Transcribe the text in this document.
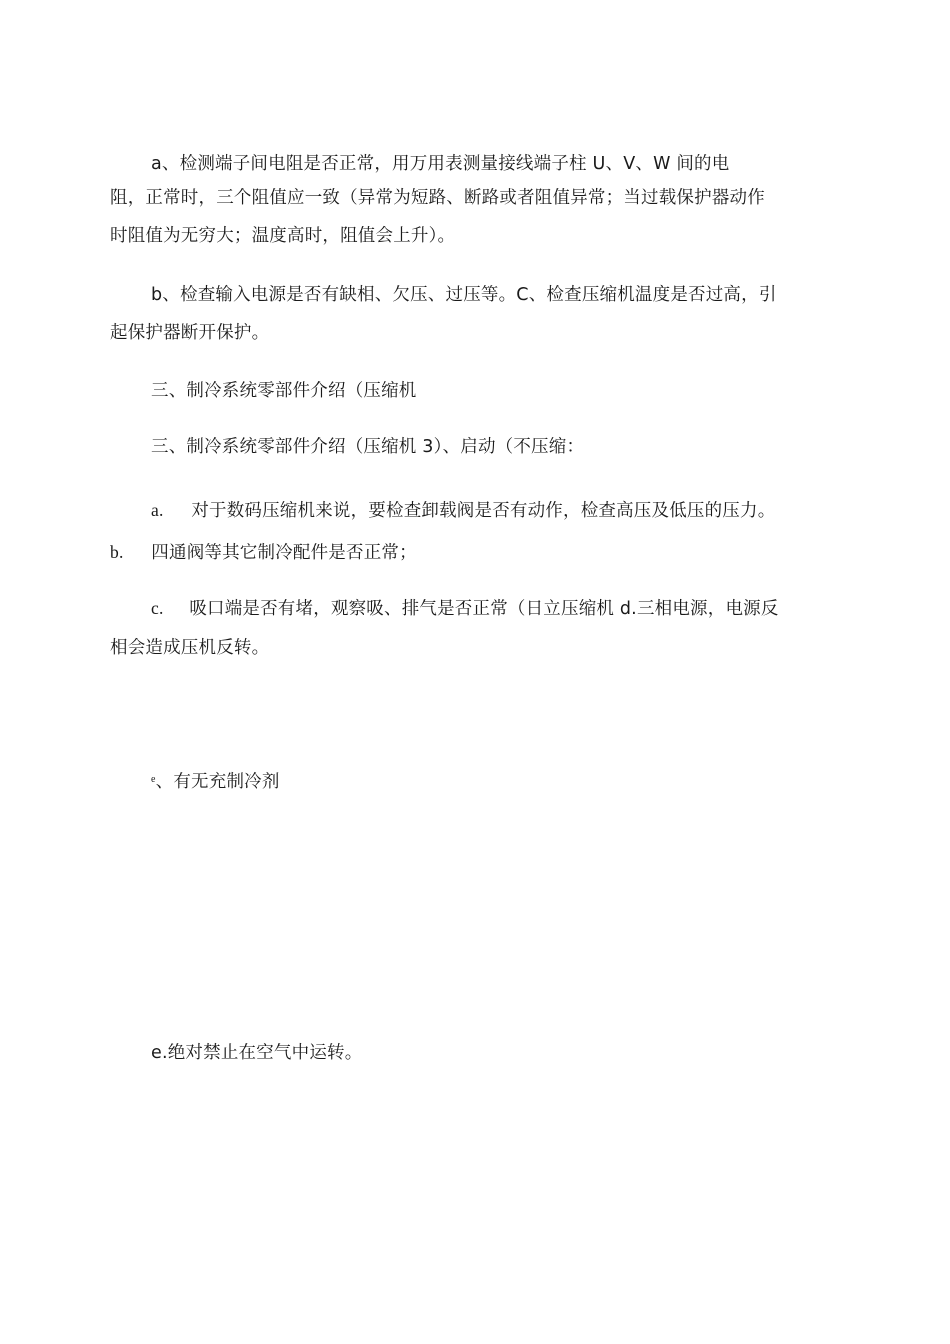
a、检测端子间电阻是否正常，用万用表测量接线端子柱 U、V、W 间的电
阻，正常时，三个阻值应一致（异常为短路、断路或者阻值异常；当过载保护器动作
时阻值为无穷大；温度高时，阻值会上升）。
b、检查输入电源是否有缺相、欠压、过压等。C、检查压缩机温度是否过高，引
起保护器断开保护。
三、制冷系统零部件介绍（压缩机
三、制冷系统零部件介绍（压缩机 3）、启动（不压缩：
a. 对于数码压缩机来说，要检查卸载阀是否有动作，检查高压及低压的压力。
b. 四通阀等其它制冷配件是否正常；
c. 吸口端是否有堵，观察吸、排气是否正常（日立压缩机 d.三相电源，电源反
相会造成压机反转。
$^e$、有无充制冷剂
e.绝对禁止在空气中运转。
